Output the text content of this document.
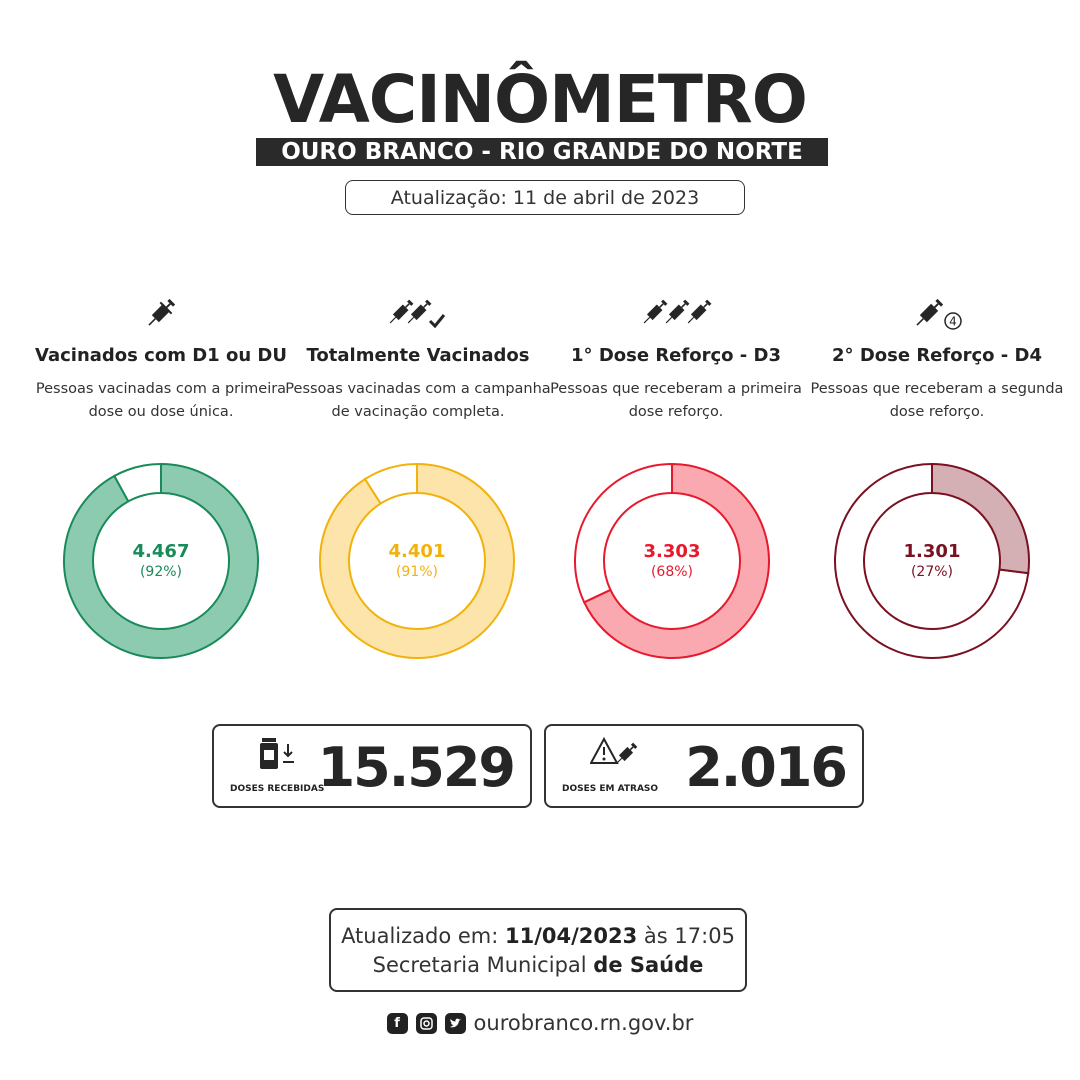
VACINÔMETRO
OURO BRANCO - RIO GRANDE DO NORTE
Atualização: 11 de abril de 2023
Vacinados com D1 ou DU
Pessoas vacinadas com a primeira dose ou dose única.
Totalmente Vacinados
Pessoas vacinadas com a campanha de vacinação completa.
1° Dose Reforço - D3
Pessoas que receberam a primeira dose reforço.
4
2° Dose Reforço - D4
Pessoas que receberam a segunda dose reforço.
4.467
(92%)
4.401
(91%)
3.303
(68%)
1.301
(27%)
DOSES RECEBIDAS
15.529	DOSES EM ATRASO 2.016
Atualizado em: 11/04/2023 às 17:05
Secretaria Municipal de Saúde
f	ourobranco.rn.gov.br
